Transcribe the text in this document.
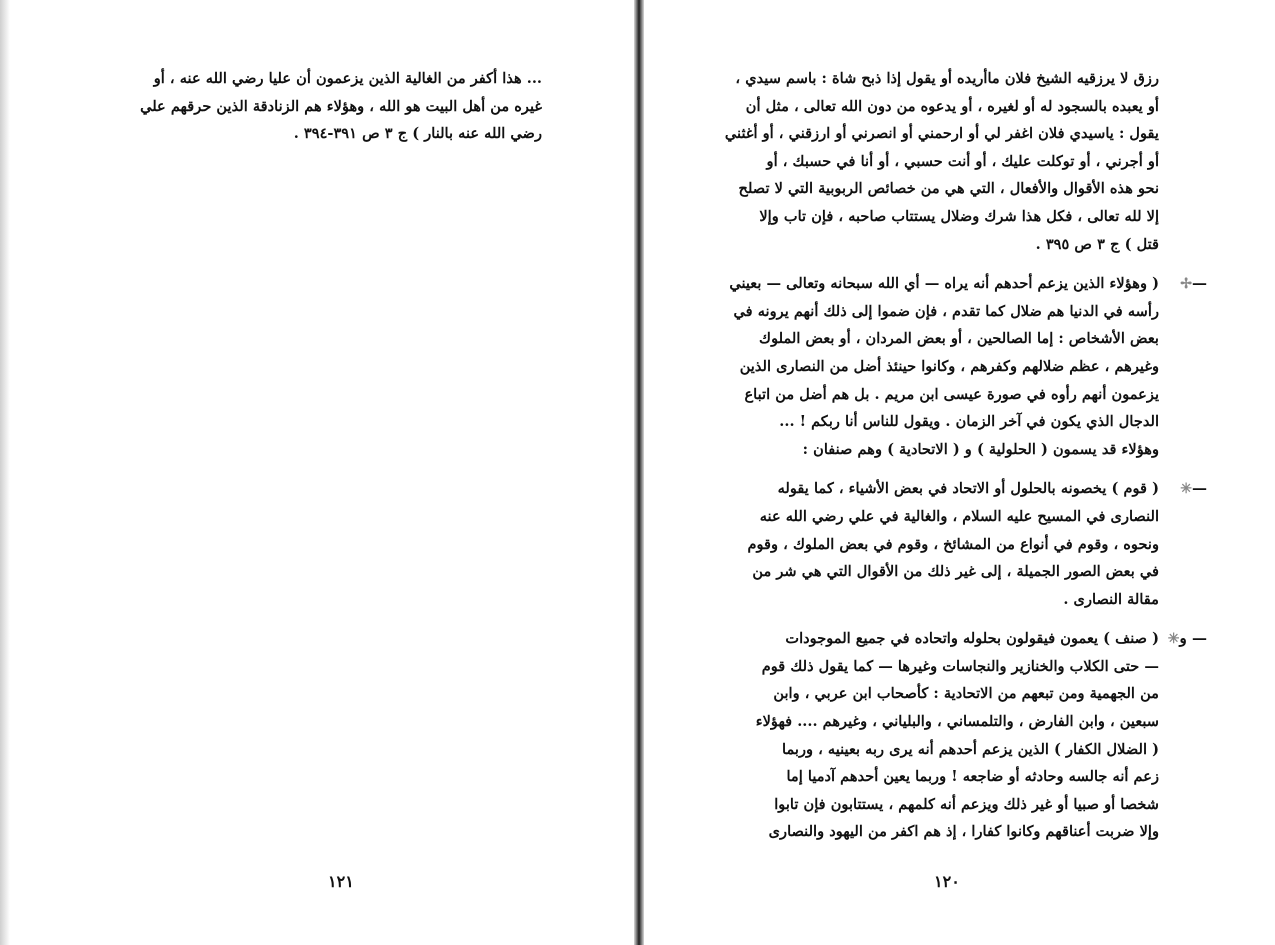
... هذا أكفر من الغالية الذين يزعمون أن عليا رضي الله عنه ، أو
غيره من أهل البيت هو الله ، وهؤلاء هم الزنادقة الذين حرقهم علي
رضي الله عنه بالنار ) ج ٣ ص ٣٩١-٣٩٤ .
١٢١
رزق لا يرزقيه الشيخ فلان ماأريده أو يقول إذا ذبح شاة : باسم سيدي ،
أو يعبده بالسجود له أو لغيره ، أو يدعوه من دون الله تعالى ، مثل أن
يقول : ياسيدي فلان اغفر لي أو ارحمني أو انصرني أو ارزقني ، أو أغثني
أو أجرني ، أو توكلت عليك ، أو أنت حسبي ، أو أنا في حسبك ، أو
نحو هذه الأقوال والأفعال ، التي هي من خصائص الربوبية التي لا تصلح
إلا لله تعالى ، فكل هذا شرك وضلال يستتاب صاحبه ، فإن تاب وإلا
قتل ) ج ٣ ص ٣٩٥ .
—✢
( وهؤلاء الذين يزعم أحدهم أنه يراه — أي الله سبحانه وتعالى — بعيني
رأسه في الدنيا هم ضلال كما تقدم ، فإن ضموا إلى ذلك أنهم يرونه في
بعض الأشخاص : إما الصالحين ، أو بعض المردان ، أو بعض الملوك
وغيرهم ، عظم ضلالهم وكفرهم ، وكانوا حينئذ أضل من النصارى الذين
يزعمون أنهم رأوه في صورة عيسى ابن مريم . بل هم أضل من اتباع
الدجال الذي يكون في آخر الزمان . ويقول للناس أنا ربكم ! ...
وهؤلاء قد يسمون ( الحلولية ) و ( الاتحادية ) وهم صنفان :
—✳
( قوم ) يخصونه بالحلول أو الاتحاد في بعض الأشياء ، كما يقوله
النصارى في المسيح عليه السلام ، والغالية في علي رضي الله عنه
ونحوه ، وقوم في أنواع من المشائخ ، وقوم في بعض الملوك ، وقوم
في بعض الصور الجميلة ، إلى غير ذلك من الأقوال التي هي شر من
مقالة النصارى .
— و✳
( صنف ) يعمون فيقولون بحلوله واتحاده في جميع الموجودات
— حتى الكلاب والخنازير والنجاسات وغيرها — كما يقول ذلك قوم
من الجهمية ومن تبعهم من الاتحادية : كأصحاب ابن عربي ، وابن
سبعين ، وابن الفارض ، والتلمساني ، والبلياني ، وغيرهم .... فهؤلاء
( الضلال الكفار ) الذين يزعم أحدهم أنه يرى ربه بعينيه ، وربما
زعم أنه جالسه وحادثه أو ضاجعه ! وربما يعين أحدهم آدميا إما
شخصا أو صبيا أو غير ذلك ويزعم أنه كلمهم ، يستتابون فإن تابوا
وإلا ضربت أعناقهم وكانوا كفارا ، إذ هم اكفر من اليهود والنصارى
١٢٠
